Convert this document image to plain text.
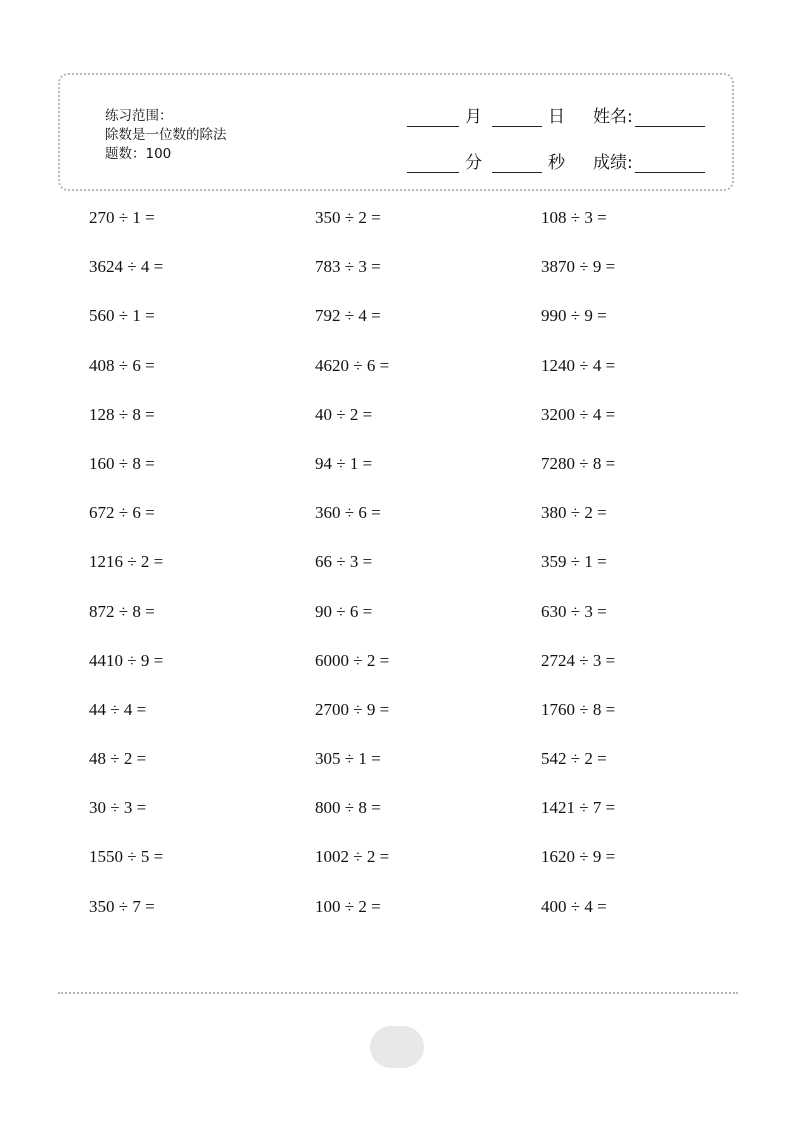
练习范围：
除数是一位数的除法
题数：100
月	日 姓名:
分	秒 成绩:
270 ÷ 1 =	350 ÷ 2 =	108 ÷ 3 =
3624 ÷ 4 =	783 ÷ 3 =	3870 ÷ 9 =
560 ÷ 1 =	792 ÷ 4 =	990 ÷ 9 =
408 ÷ 6 =	4620 ÷ 6 =	1240 ÷ 4 =
128 ÷ 8 =	40 ÷ 2 =	3200 ÷ 4 =
160 ÷ 8 =	94 ÷ 1 =	7280 ÷ 8 =
672 ÷ 6 =	360 ÷ 6 =	380 ÷ 2 =
1216 ÷ 2 =	66 ÷ 3 =	359 ÷ 1 =
872 ÷ 8 =	90 ÷ 6 =	630 ÷ 3 =
4410 ÷ 9 =	6000 ÷ 2 =	2724 ÷ 3 =
44 ÷ 4 =	2700 ÷ 9 =	1760 ÷ 8 =
48 ÷ 2 =	305 ÷ 1 =	542 ÷ 2 =
30 ÷ 3 =	800 ÷ 8 =	1421 ÷ 7 =
1550 ÷ 5 =	1002 ÷ 2 =	1620 ÷ 9 =
350 ÷ 7 =	100 ÷ 2 =	400 ÷ 4 =
